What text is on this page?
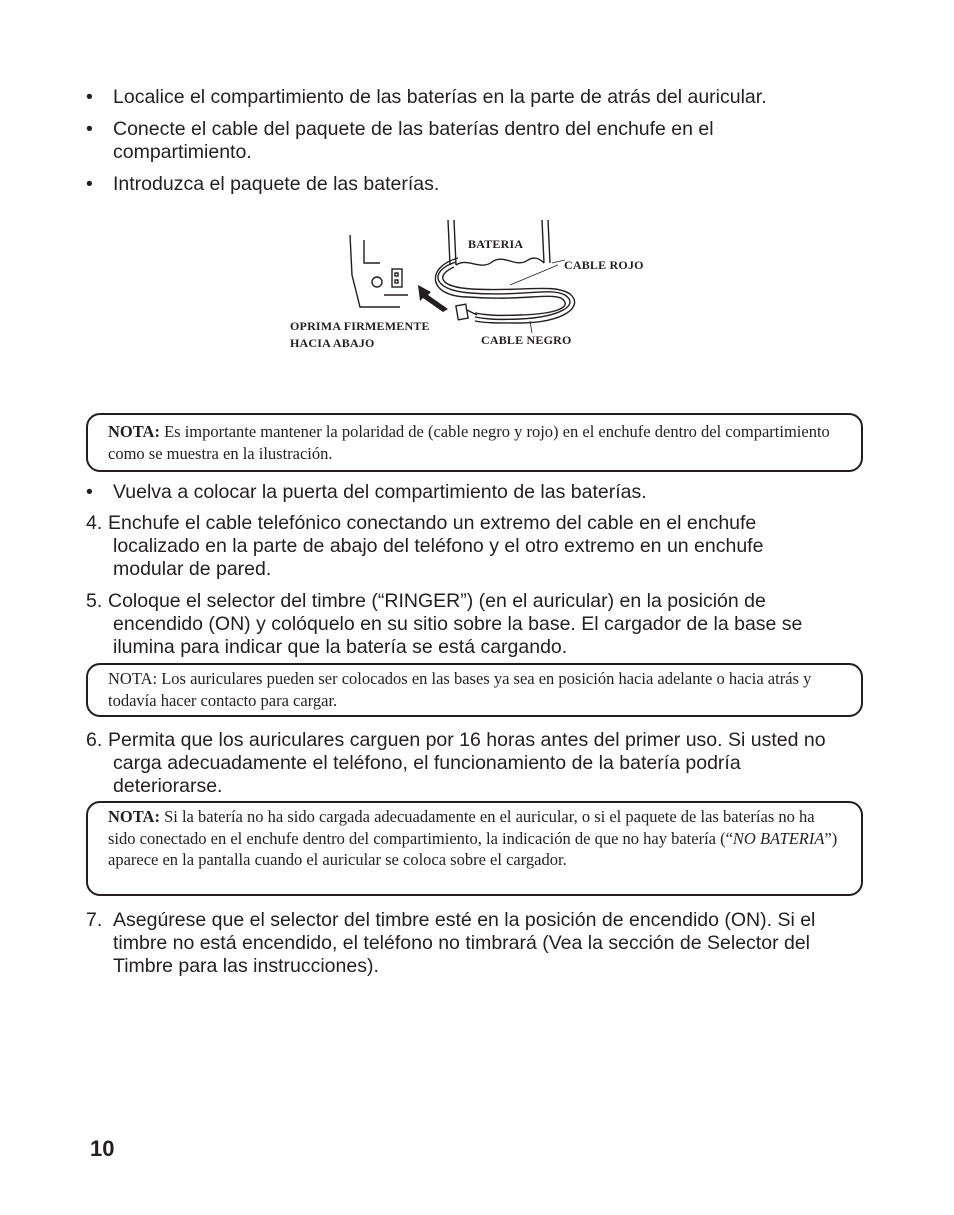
• Localice el compartimiento de las baterías en la parte de atrás del auricular.
• Conecte el cable del paquete de las baterías dentro del enchufe en el compartimiento.
• Introduzca el paquete de las baterías.
BATERIA
CABLE ROJO
OPRIMA FIRMEMENTE
HACIA ABAJO	CABLE NEGRO
NOTA: Es importante mantener la polaridad de (cable negro y rojo) en el enchufe dentro del compartimiento como se muestra en la ilustración.
• Vuelva a colocar la puerta del compartimiento de las baterías.
4. Enchufe el cable telefónico conectando un extremo del cable en el enchufe localizado en la parte de abajo del teléfono y el otro extremo en un enchufe modular de pared.
5. Coloque el selector del timbre (“RINGER”) (en el auricular) en la posición de encendido (ON) y colóquelo en su sitio sobre la base. El cargador de la base se ilumina para indicar que la batería se está cargando.
NOTA: Los auriculares pueden ser colocados en las bases ya sea en posición hacia adelante o hacia atrás y todavía hacer contacto para cargar.
6. Permita que los auriculares carguen por 16 horas antes del primer uso. Si usted no carga adecuadamente el teléfono, el funcionamiento de la batería podría deteriorarse.
NOTA: Si la batería no ha sido cargada adecuadamente en el auricular, o si el paquete de las baterías no ha sido conectado en el enchufe dentro del compartimiento, la indicación de que no hay batería (“NO BATERIA”) aparece en la pantalla cuando el auricular se coloca sobre el cargador.
7. Asegúrese que el selector del timbre esté en la posición de encendido (ON). Si el timbre no está encendido, el teléfono no timbrará (Vea la sección de Selector del Timbre para las instrucciones).
10
